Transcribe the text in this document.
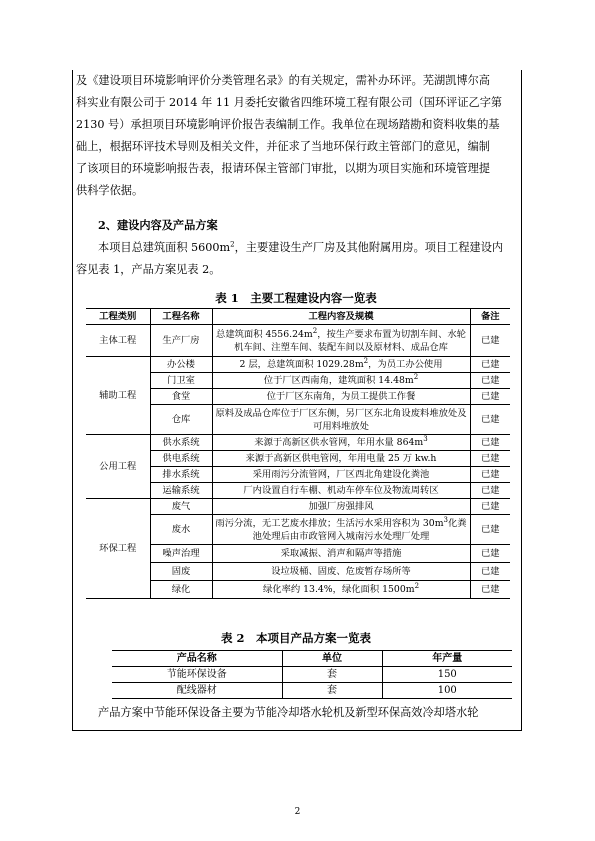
及《建设项目环境影响评价分类管理名录》的有关规定，需补办环评。芜湖凯博尔高
科实业有限公司于 2014 年 11 月委托安徽省四维环境工程有限公司（国环评证乙字第
2130 号）承担项目环境影响评价报告表编制工作。我单位在现场踏勘和资料收集的基
础上，根据环评技术导则及相关文件，并征求了当地环保行政主管部门的意见，编制
了该项目的环境影响报告表，报请环保主管部门审批，以期为项目实施和环境管理提
供科学依据。
2、建设内容及产品方案
本项目总建筑面积 $5600m^2$，主要建设生产厂房及其他附属用房。项目工程建设内
容见表 1，产品方案见表 2。
表 1　主要工程建设内容一览表
工程类别	工程名称	工程内容及规模	备注
主体工程	生产厂房	总建筑面积 $4556.24m^2$，按生产要求布置为切割车间、水轮机车间、注塑车间、装配车间以及原材料、成品仓库	已建
辅助工程	办公楼	2 层，总建筑面积 $1029.28m^2$，为员工办公使用	已建
	门卫室	位于厂区西南角，建筑面积 $14.48m^2$	已建
	食堂	位于厂区东南角，为员工提供工作餐	已建
	仓库	原料及成品仓库位于厂区东侧，另厂区东北角设废料堆放处及可用料堆放处	已建
公用工程	供水系统	来源于高新区供水管网，年用水量 $864m^3$	已建
	供电系统	来源于高新区供电管网，年用电量 25 万 kw.h	已建
	排水系统	采用雨污分流管网，厂区西北角建设化粪池	已建
	运输系统	厂内设置自行车棚、机动车停车位及物流周转区	已建
环保工程	废气	加强厂房强排风	已建
	废水	雨污分流，无工艺废水排放；生活污水采用容积为 $30m^3$化粪池处理后由市政管网入城南污水处理厂处理	已建
	噪声治理	采取减振、消声和隔声等措施	已建
	固废	设垃圾桶、固废、危废暂存场所等	已建
	绿化	绿化率约 13.4%，绿化面积 $1500m^2$	已建
表 2　本项目产品方案一览表
产品名称	单位	年产量
节能环保设备	套	150
配线器材	套	100
产品方案中节能环保设备主要为节能冷却塔水轮机及新型环保高效冷却塔水轮
2
